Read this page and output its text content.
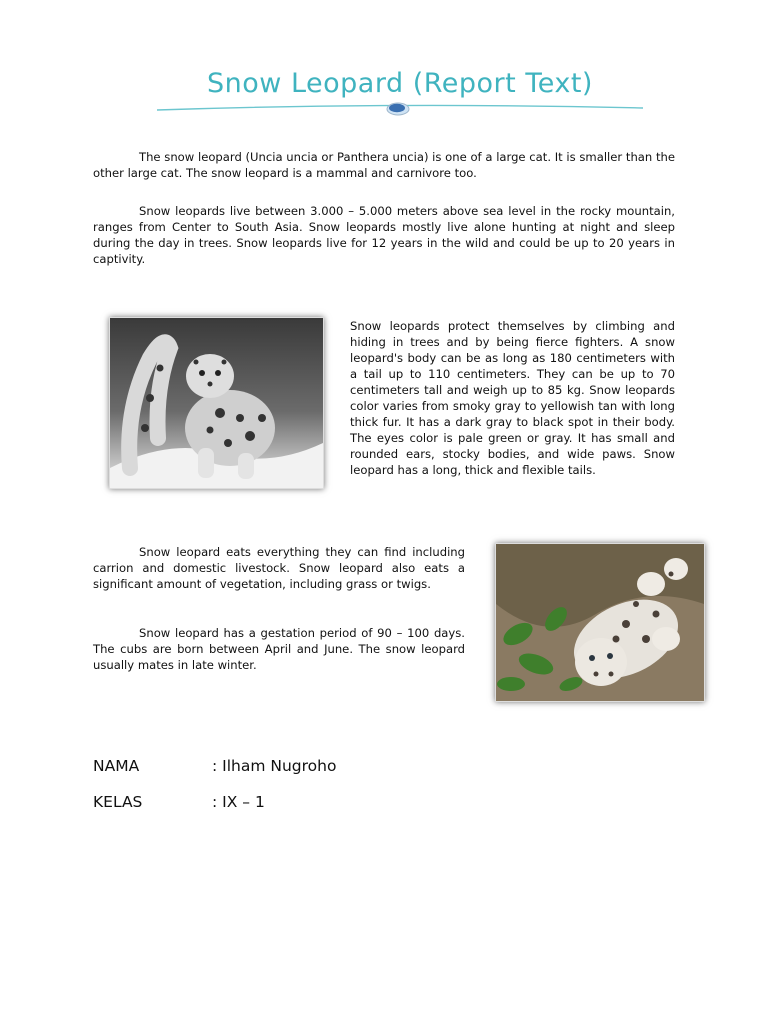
Snow Leopard (Report Text)

The snow leopard (Uncia uncia or Panthera uncia) is one of a large cat. It is smaller than the other large cat. The snow leopard is a mammal and carnivore too.

Snow leopards live between 3.000 – 5.000 meters above sea level in the rocky mountain, ranges from Center to South Asia. Snow leopards mostly live alone hunting at night and sleep during the day in trees. Snow leopards live for 12 years in the wild and could be up to 20 years in captivity.

Snow leopards protect themselves by climbing and hiding in trees and by being fierce fighters. A snow leopard's body can be as long as 180 centimeters with a tail up to 110 centimeters. They can be up to 70 centimeters tall and weigh up to 85 kg. Snow leopards color varies from smoky gray to yellowish tan with long thick fur. It has a dark gray to black spot in their body. The eyes color is pale green or gray. It has small and rounded ears, stocky bodies, and wide paws. Snow leopard has a long, thick and flexible tails.

Snow leopard eats everything they can find including carrion and domestic livestock. Snow leopard also eats a significant amount of vegetation, including grass or twigs.

Snow leopard has a gestation period of 90 – 100 days. The cubs are born between April and June. The snow leopard usually mates in late winter.

NAMA	: Ilham Nugroho
KELAS	: IX – 1
